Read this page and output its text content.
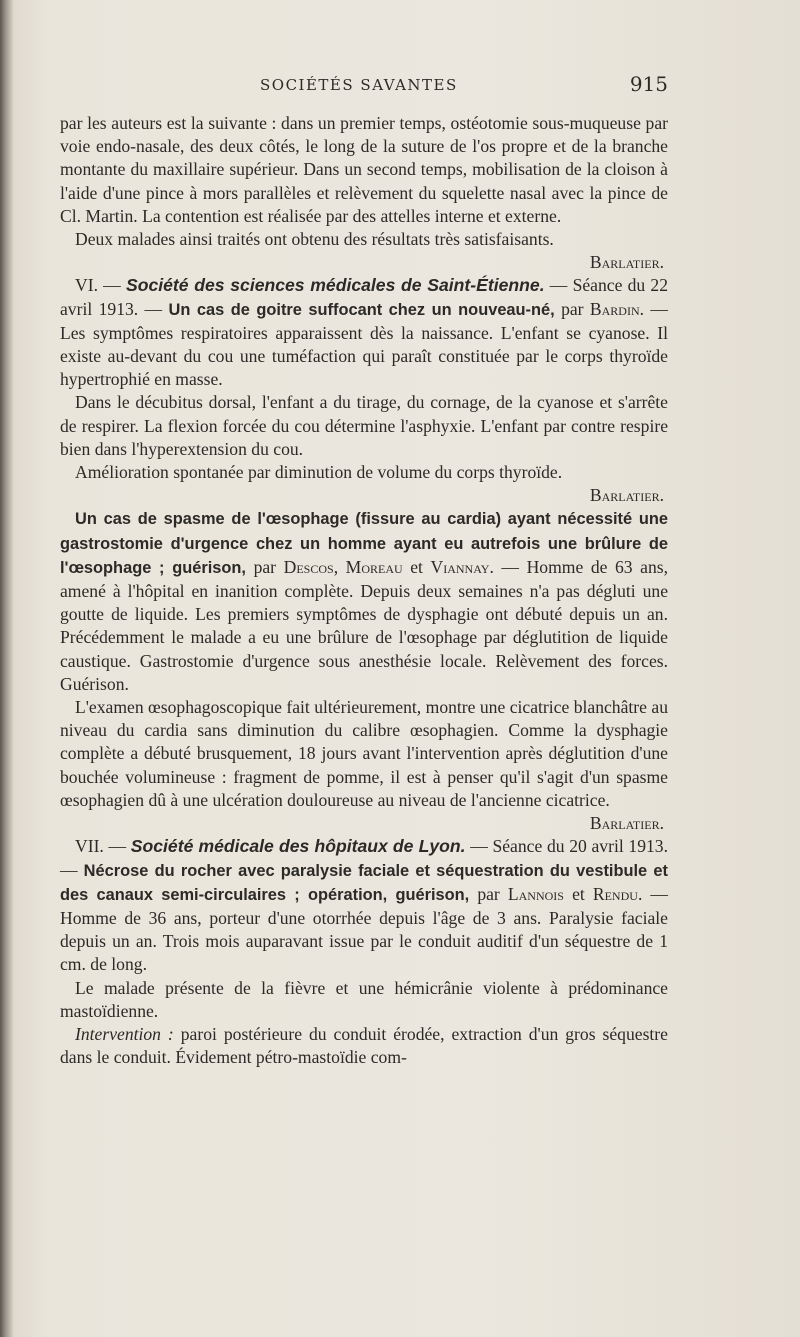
SOCIÉTÉS SAVANTES	915

par les auteurs est la suivante : dans un premier temps, ostéotomie sous-muqueuse par voie endo-nasale, des deux côtés, le long de la suture de l'os propre et de la branche montante du maxillaire supérieur. Dans un second temps, mobilisation de la cloison à l'aide d'une pince à mors parallèles et relèvement du squelette nasal avec la pince de Cl. Martin. La contention est réalisée par des attelles interne et externe.

Deux malades ainsi traités ont obtenu des résultats très satisfaisants.

Barlatier.

VI. — Société des sciences médicales de Saint-Étienne. — Séance du 22 avril 1913. — Un cas de goitre suffocant chez un nouveau-né, par Bardin. — Les symptômes respiratoires apparaissent dès la naissance. L'enfant se cyanose. Il existe au-devant du cou une tuméfaction qui paraît constituée par le corps thyroïde hypertrophié en masse.

Dans le décubitus dorsal, l'enfant a du tirage, du cornage, de la cyanose et s'arrête de respirer. La flexion forcée du cou détermine l'asphyxie. L'enfant par contre respire bien dans l'hyperextension du cou.

Amélioration spontanée par diminution de volume du corps thyroïde.

Barlatier.

Un cas de spasme de l'œsophage (fissure au cardia) ayant nécessité une gastrostomie d'urgence chez un homme ayant eu autrefois une brûlure de l'œsophage ; guérison, par Descos, Moreau et Viannay. — Homme de 63 ans, amené à l'hôpital en inanition complète. Depuis deux semaines n'a pas dégluti une goutte de liquide. Les premiers symptômes de dysphagie ont débuté depuis un an. Précédemment le malade a eu une brûlure de l'œsophage par déglutition de liquide caustique. Gastrostomie d'urgence sous anesthésie locale. Relèvement des forces. Guérison.

L'examen œsophagoscopique fait ultérieurement, montre une cicatrice blanchâtre au niveau du cardia sans diminution du calibre œsophagien. Comme la dysphagie complète a débuté brusquement, 18 jours avant l'intervention après déglutition d'une bouchée volumineuse : fragment de pomme, il est à penser qu'il s'agit d'un spasme œsophagien dû à une ulcération douloureuse au niveau de l'ancienne cicatrice.

Barlatier.

VII. — Société médicale des hôpitaux de Lyon. — Séance du 20 avril 1913. — Nécrose du rocher avec paralysie faciale et séquestration du vestibule et des canaux semi-circulaires ; opération, guérison, par Lannois et Rendu. — Homme de 36 ans, porteur d'une otorrhée depuis l'âge de 3 ans. Paralysie faciale depuis un an. Trois mois auparavant issue par le conduit auditif d'un séquestre de 1 cm. de long.

Le malade présente de la fièvre et une hémicrânie violente à prédominance mastoïdienne.

Intervention : paroi postérieure du conduit érodée, extraction d'un gros séquestre dans le conduit. Évidement pétro-mastoïdie com-
